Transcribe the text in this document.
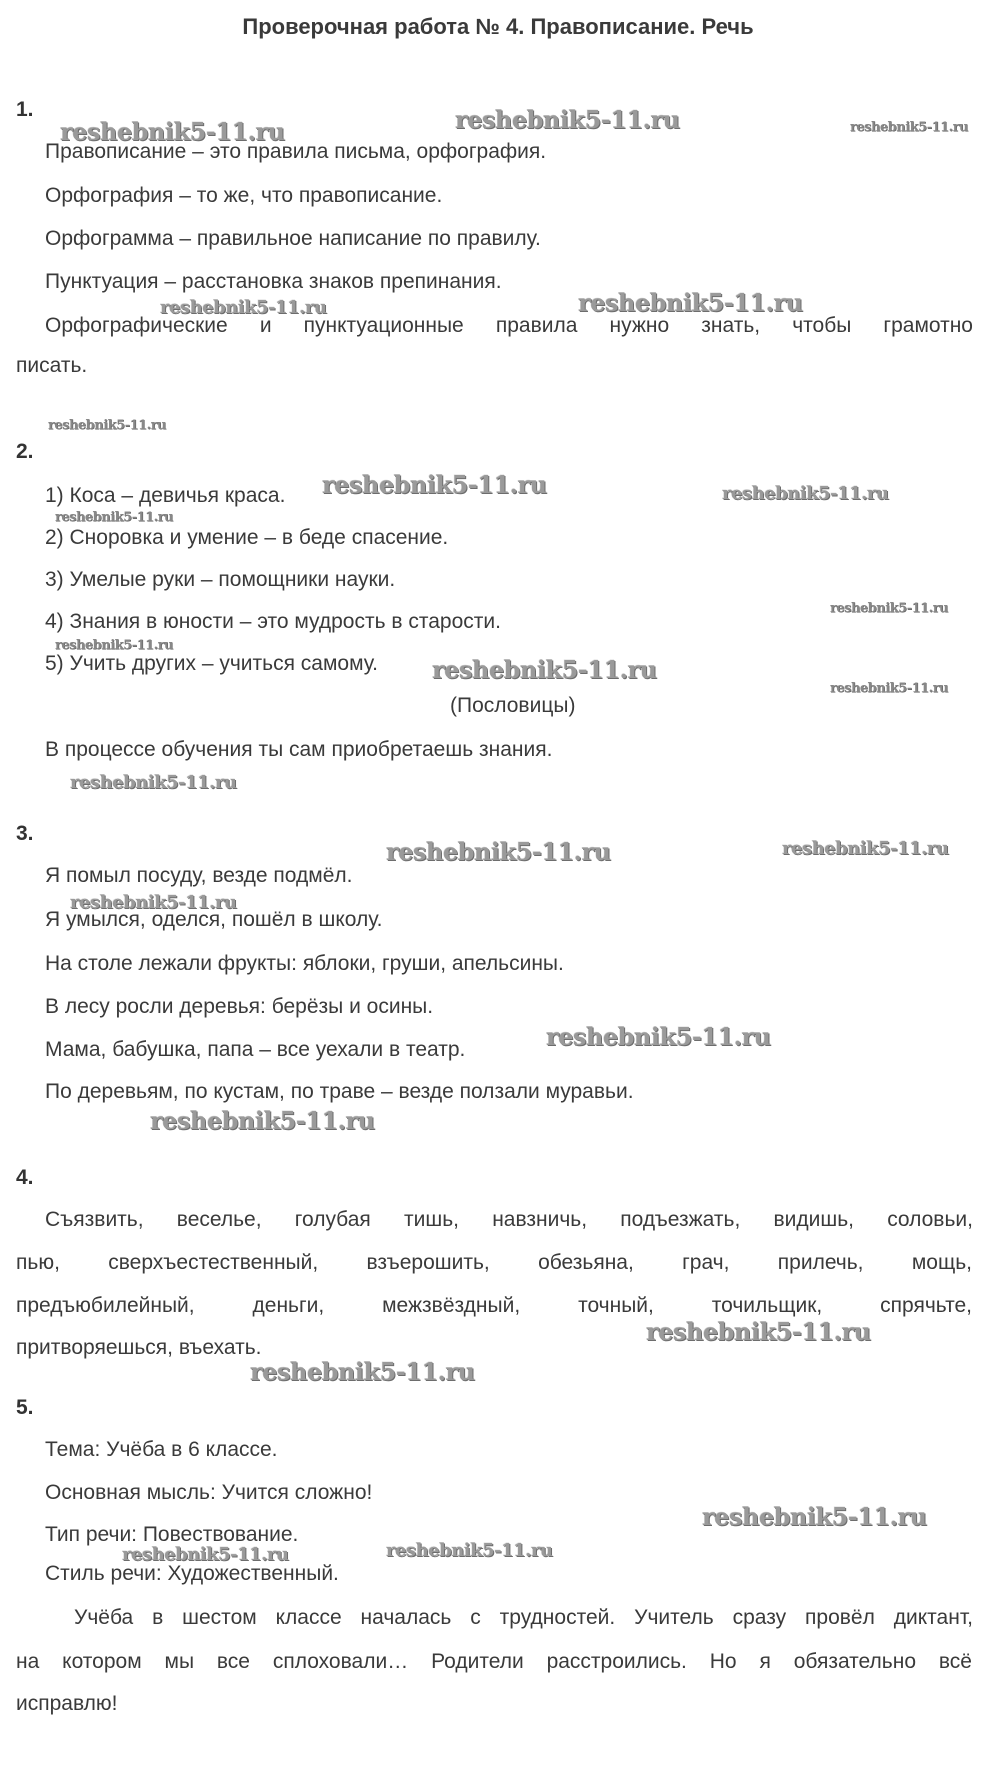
Проверочная работа № 4. Правописание. Речь
1.
Правописание – это правила письма, орфография.
Орфография – то же, что правописание.
Орфограмма – правильное написание по правилу.
Пунктуация – расстановка знаков препинания.
Орфографические и пунктуационные правила нужно знать, чтобы грамотно
писать.
2.
1) Коса – девичья краса.
2) Сноровка и умение – в беде спасение.
3) Умелые руки – помощники науки.
4) Знания в юности – это мудрость в старости.
5) Учить других – учиться самому.
(Пословицы)
В процессе обучения ты сам приобретаешь знания.
3.
Я помыл посуду, везде подмёл.
Я умылся, оделся, пошёл в школу.
На столе лежали фрукты: яблоки, груши, апельсины.
В лесу росли деревья: берёзы и осины.
Мама, бабушка, папа – все уехали в театр.
По деревьям, по кустам, по траве – везде ползали муравьи.
4.
Съязвить, веселье, голубая тишь, навзничь, подъезжать, видишь, соловьи,
пью, сверхъестественный, взъерошить, обезьяна, грач, прилечь, мощь,
предъюбилейный,	деньги,	межзвёздный,	точный,	точильщик,	спрячьте,
притворяешься, въехать.
5.
Тема: Учёба в 6 классе.
Основная мысль: Учится сложно!
Тип речи: Повествование.
Стиль речи: Художественный.
Учёба в шестом классе началась с трудностей. Учитель сразу провёл диктант,
на котором мы все сплоховали… Родители расстроились. Но я обязательно всё
исправлю!
reshebnik5-11.ru	reshebnik5-11.ru	reshebnik5-11.ru
reshebnik5-11.ru	reshebnik5-11.ru
reshebnik5-11.ru
reshebnik5-11.ru	reshebnik5-11.ru
reshebnik5-11.ru
reshebnik5-11.ru
reshebnik5-11.ru
reshebnik5-11.ru
reshebnik5-11.ru
reshebnik5-11.ru
reshebnik5-11.ru	reshebnik5-11.ru
reshebnik5-11.ru
reshebnik5-11.ru
reshebnik5-11.ru
reshebnik5-11.ru
reshebnik5-11.ru
reshebnik5-11.ru
reshebnik5-11.ru	reshebnik5-11.ru
